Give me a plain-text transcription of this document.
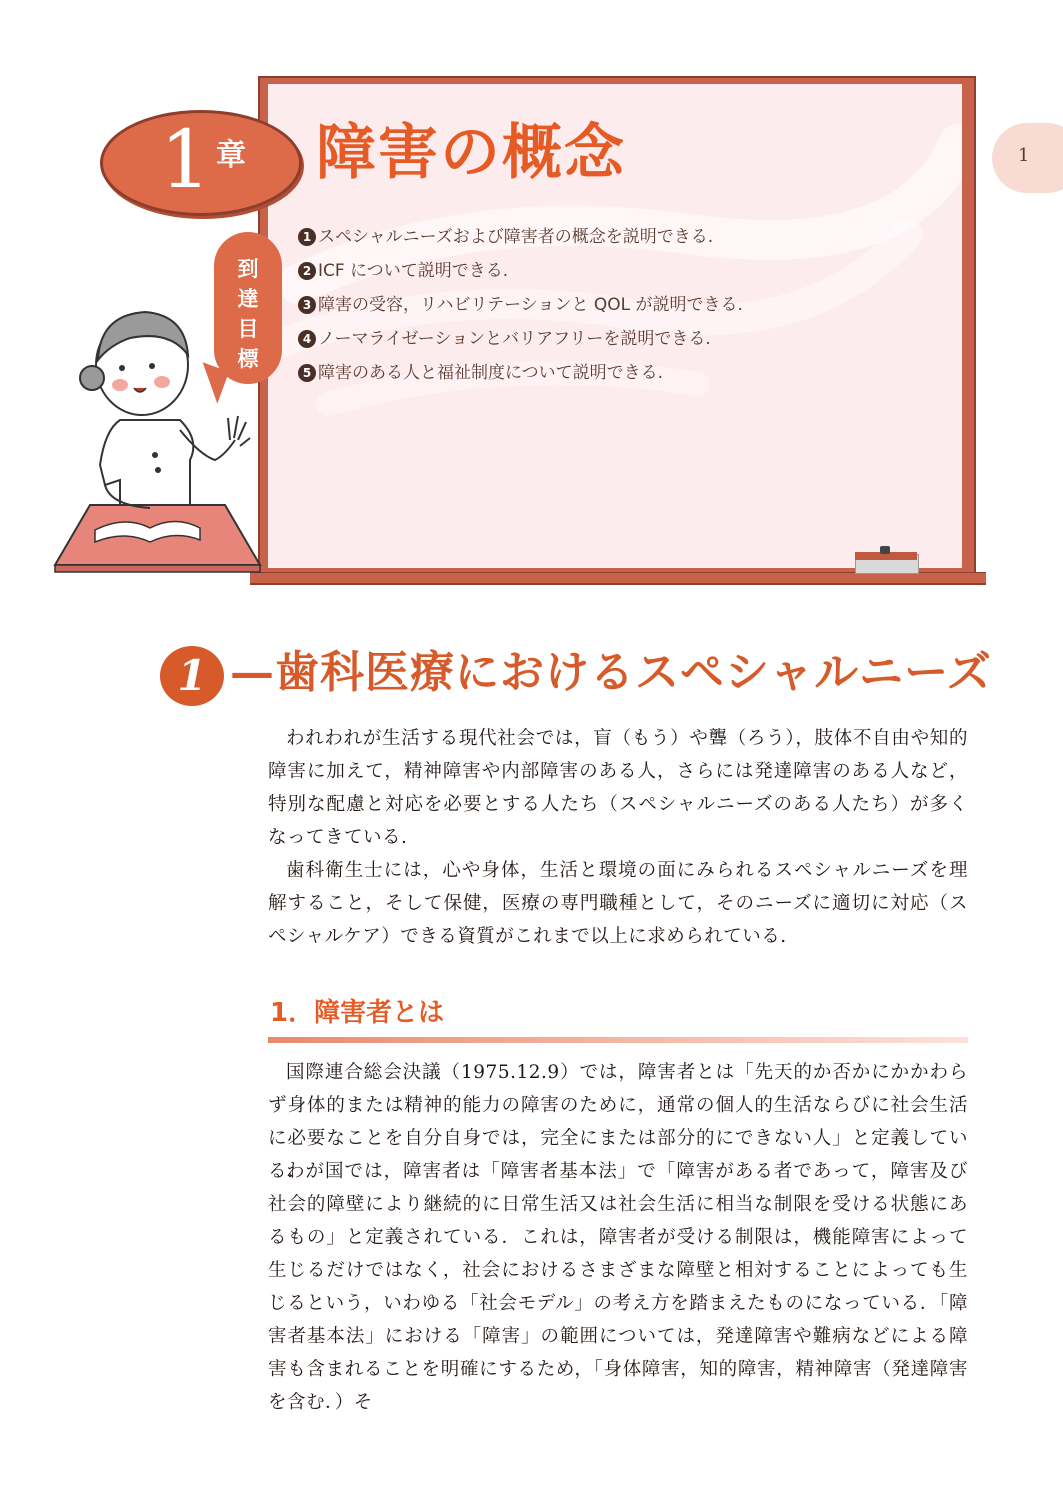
1
1 章 障害の概念
到
達
目
標
1 スペシャルニーズおよび障害者の概念を説明できる.
2 ICF について説明できる.
3 障害の受容，リハビリテーションと QOL が説明できる.
4 ノーマライゼーションとバリアフリーを説明できる.
5 障害のある人と福祉制度について説明できる.
1 —歯科医療におけるスペシャルニーズ

われわれが生活する現代社会では，盲（もう）や聾（ろう），肢体不自由や知的障害に加えて，精神障害や内部障害のある人，さらには発達障害のある人など，特別な配慮と対応を必要とする人たち（スペシャルニーズのある人たち）が多くなってきている.

歯科衛生士には，心や身体，生活と環境の面にみられるスペシャルニーズを理解すること，そして保健，医療の専門職種として，そのニーズに適切に対応（スペシャルケア）できる資質がこれまで以上に求められている.

1．障害者とは

国際連合総会決議（1975.12.9）では，障害者とは「先天的か否かにかかわらず身体的または精神的能力の障害のために，通常の個人的生活ならびに社会生活に必要なことを自分自身では，完全にまたは部分的にできない人」と定義している.

わが国では，障害者は「障害者基本法」で「障害がある者であって，障害及び社会的障壁により継続的に日常生活又は社会生活に相当な制限を受ける状態にあるもの」と定義されている．これは，障害者が受ける制限は，機能障害によって生じるだけではなく，社会におけるさまざまな障壁と相対することによっても生じるという，いわゆる「社会モデル」の考え方を踏まえたものになっている．「障害者基本法」における「障害」の範囲については，発達障害や難病などによる障害も含まれることを明確にするため，「身体障害，知的障害，精神障害（発達障害を含む．）そ
